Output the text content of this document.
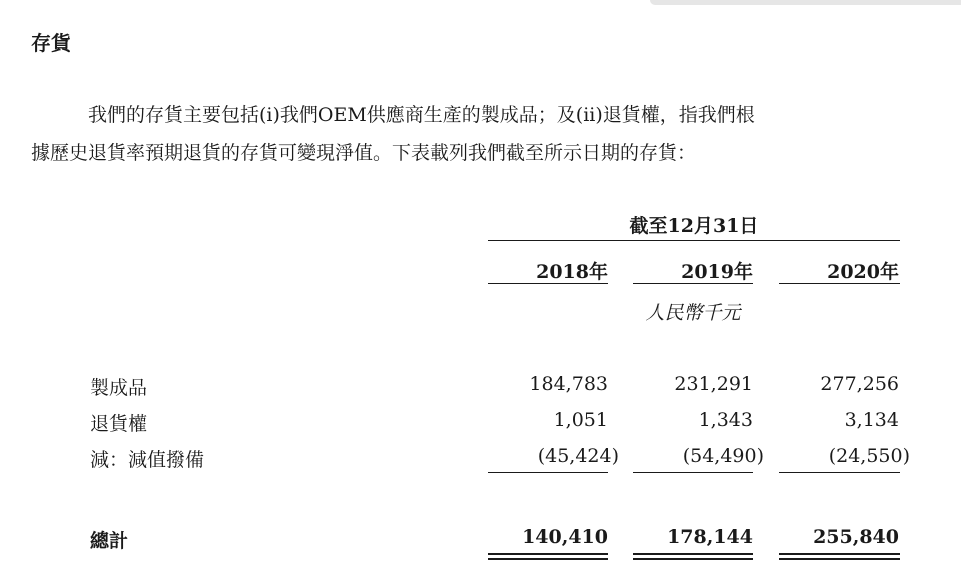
存貨

我們的存貨主要包括(i)我們OEM供應商生產的製成品；及(ii)退貨權，指我們根
據歷史退貨率預期退貨的存貨可變現淨值。下表載列我們截至所示日期的存貨：

截至12月31日
2018年	2019年	2020年
人民幣千元
製成品	184,783	231,291	277,256
退貨權	1,051	1,343	3,134
減：減值撥備	(45,424)	(54,490)	(24,550)
總計	140,410	178,144	255,840
